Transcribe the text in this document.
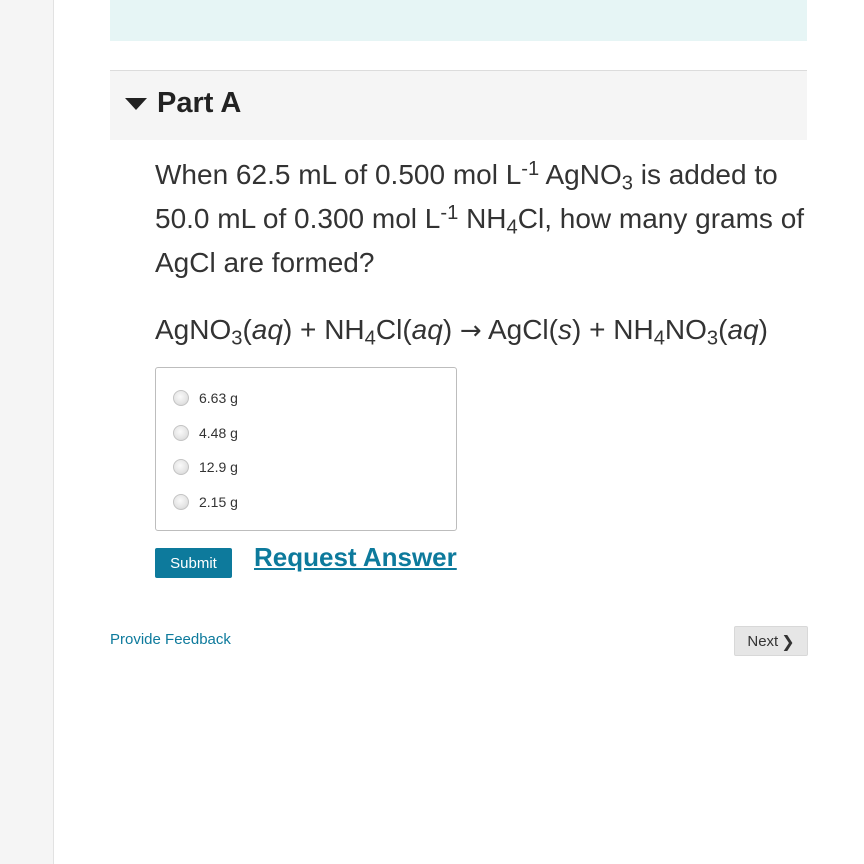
Part A
When 62.5 mL of 0.500 mol $L^{-1}$ AgNO$_3$ is added to 50.0 mL of 0.300 mol $L^{-1}$ $NH_4Cl$, how many grams of AgCl are formed?
AgNO$_3$(aq) + $NH_4Cl(aq)$ → AgCl(s) + $NH_4NO_3(aq)$
6.63 g
4.48 g
12.9 g
2.15 g
Submit	Request Answer
Provide Feedback	Next ❯
